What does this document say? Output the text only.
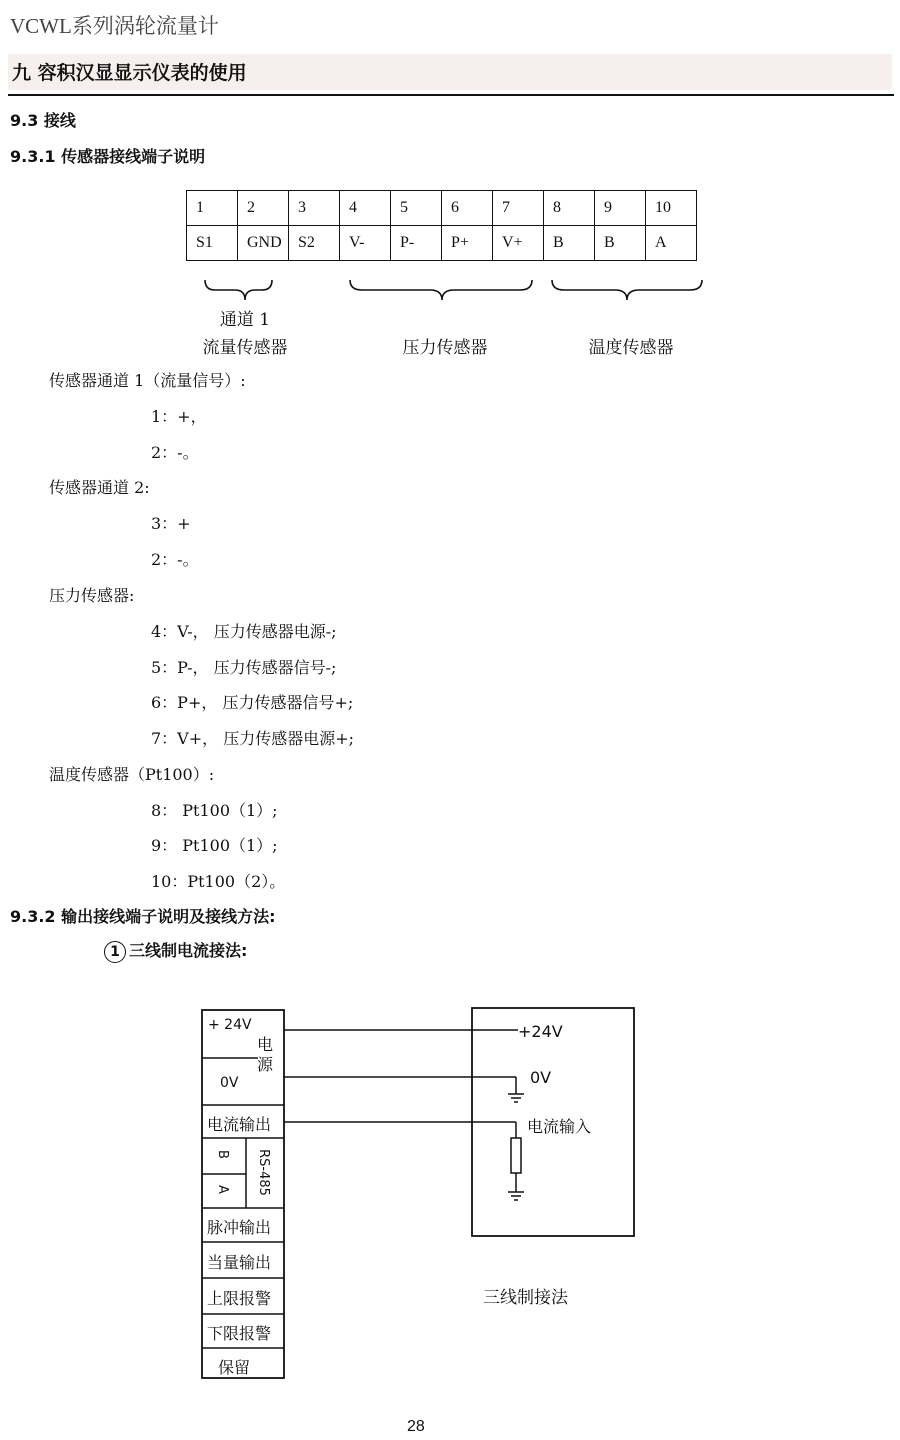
VCWL系列涡轮流量计
九 容积汉显显示仪表的使用
9.3 接线
9.3.1 传感器接线端子说明
1	2	3	4	5	6	7	8	9	10
S1	GND	S2	V-	P-	P+	V+	B	B	A
通道 1
流量传感器	压力传感器	温度传感器
传感器通道 1（流量信号）:
1：+，
2：-。
传感器通道 2:
3：+
2：-。
压力传感器:
4：V-， 压力传感器电源-;
5：P-， 压力传感器信号-;
6：P+， 压力传感器信号+;
7：V+， 压力传感器电源+;
温度传感器（Pt100）:
8： Pt100（1）;
9： Pt100（1）;
10：Pt100（2）。
9.3.2 输出接线端子说明及接线方法:
1 三线制电流接法:
+ 24V
电源
0V
电流输出
B
A RS-485
脉冲输出
当量输出
上限报警
下限报警
保留
+24V
0V
电流输入
三线制接法
28
